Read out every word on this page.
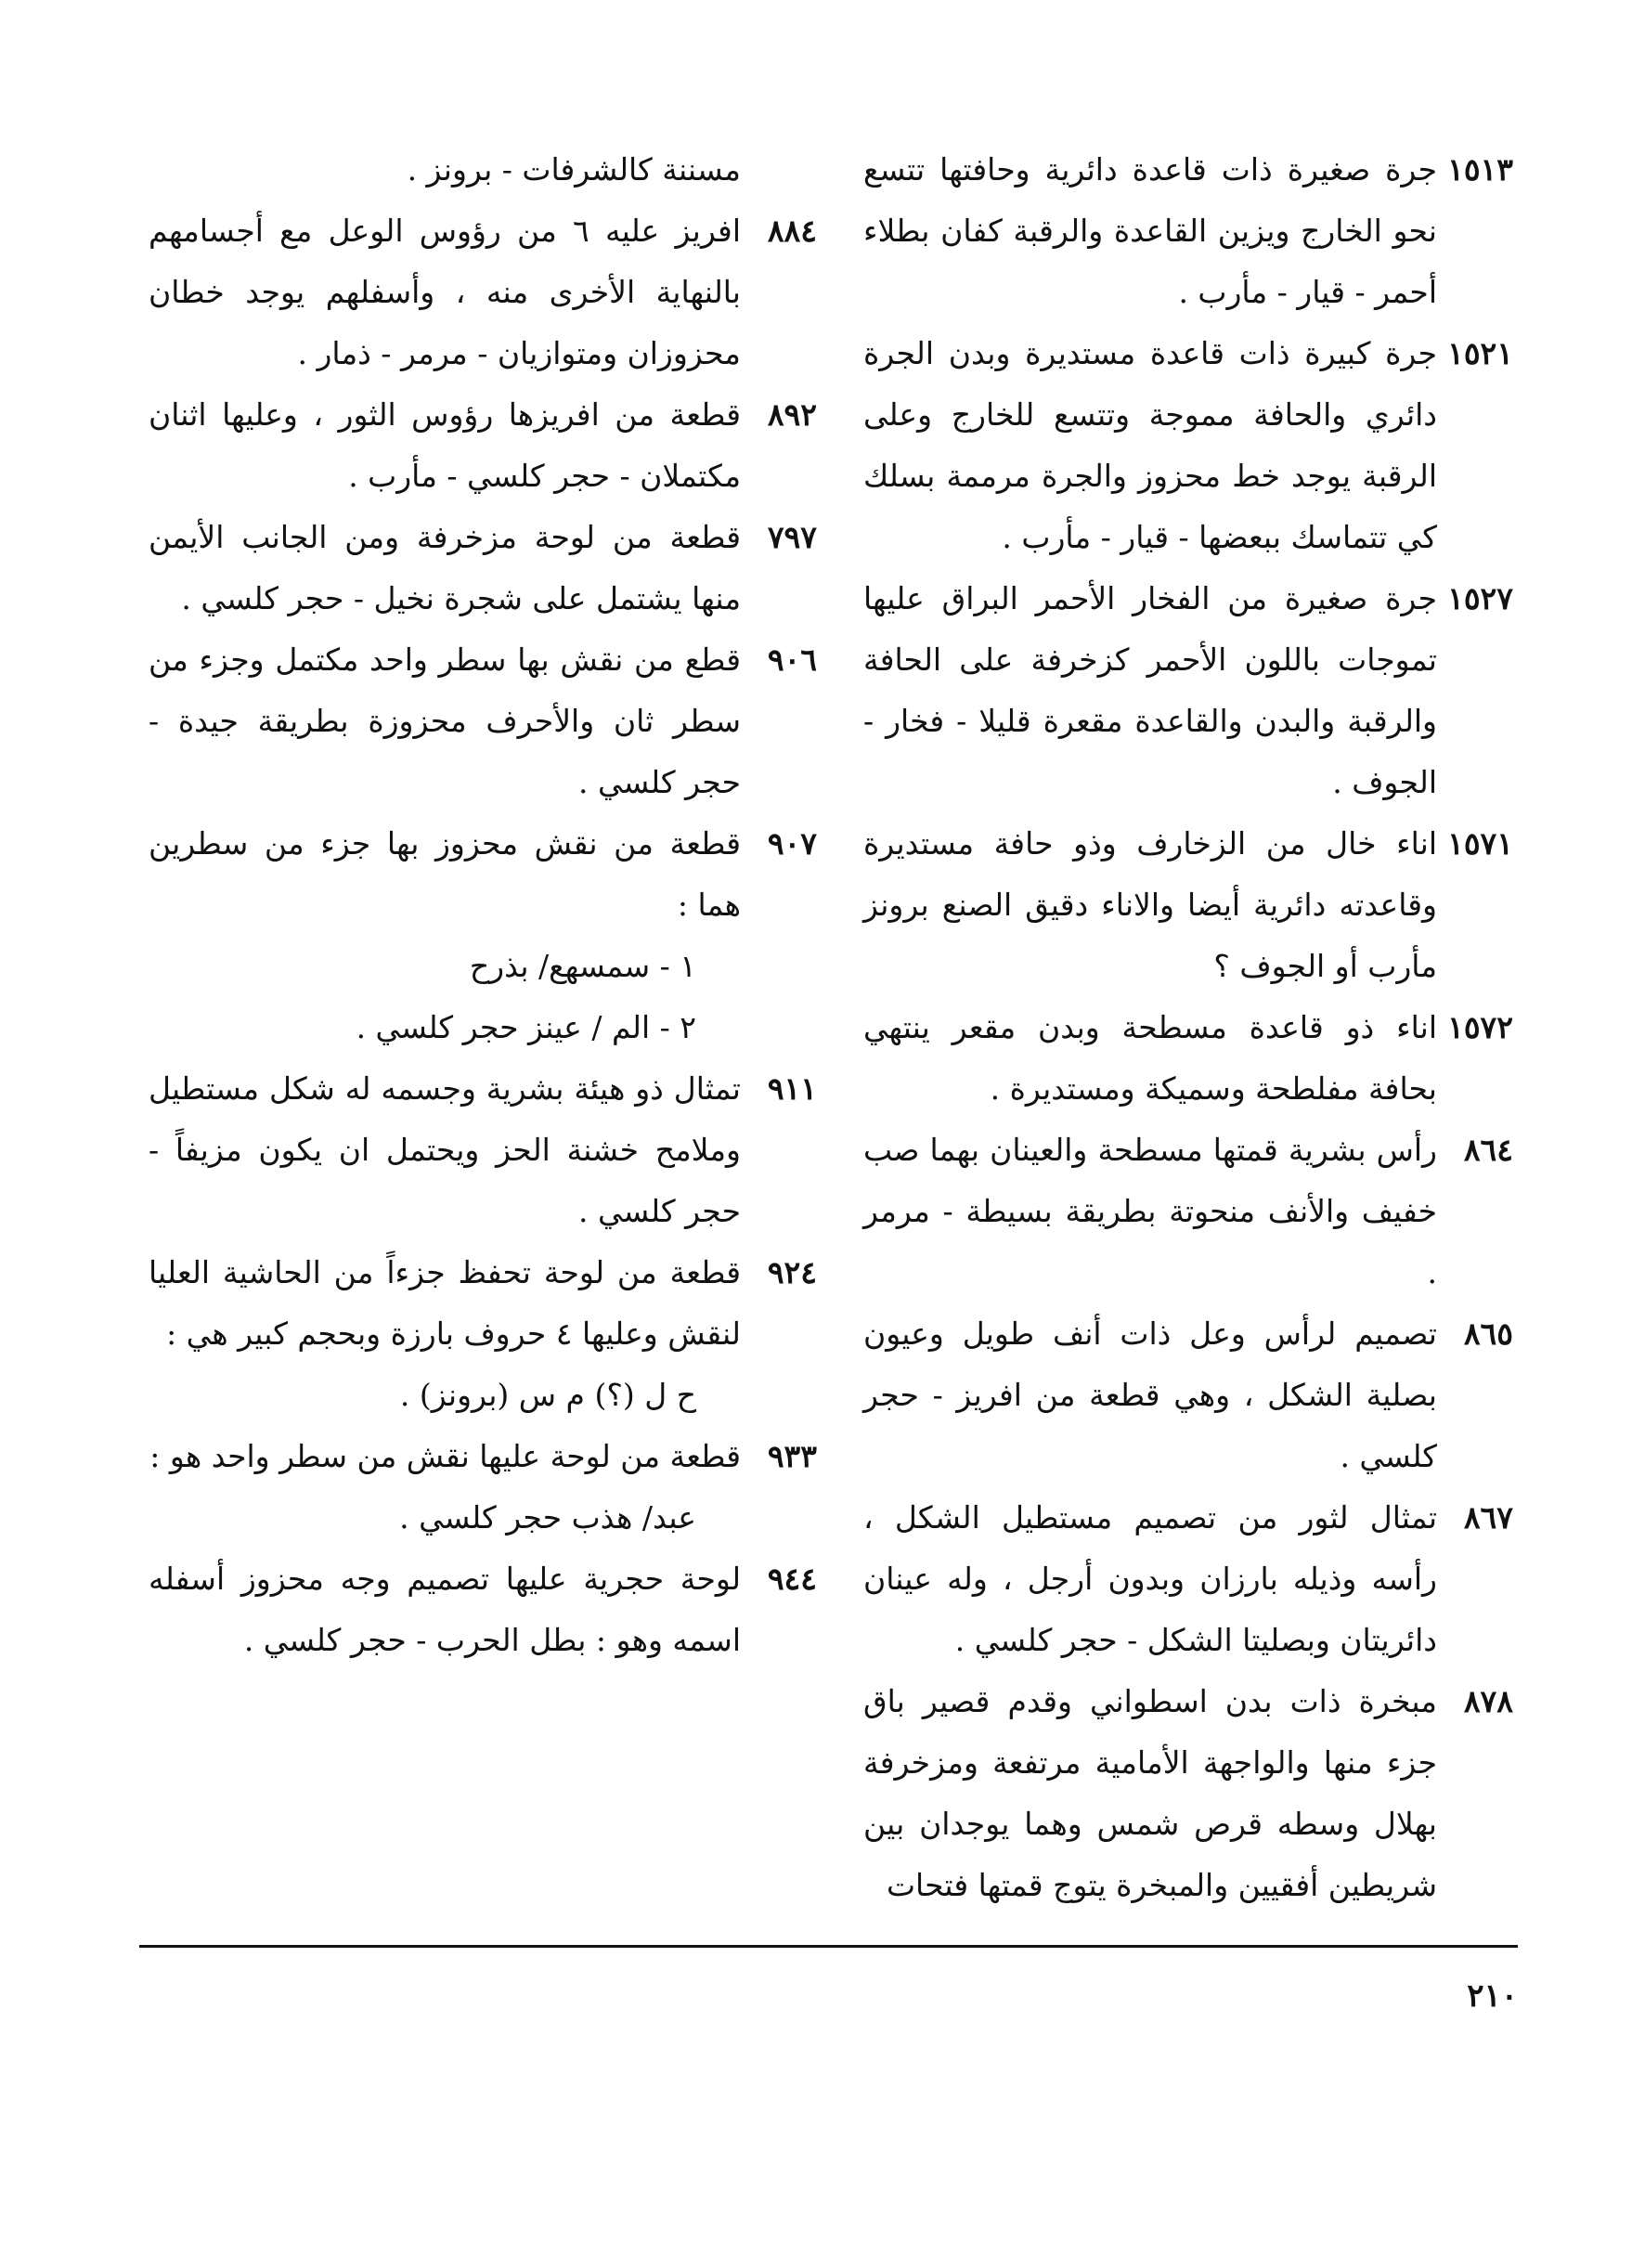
١٥١٣
جرة صغيرة ذات قاعدة دائرية وحافتها تتسع نحو الخارج ويزين القاعدة والرقبة كفان بطلاء أحمر - قيار - مأرب .

١٥٢١
جرة كبيرة ذات قاعدة مستديرة وبدن الجرة دائري والحافة مموجة وتتسع للخارج وعلى الرقبة يوجد خط محزوز والجرة مرممة بسلك كي تتماسك ببعضها - قيار - مأرب .

١٥٢٧
جرة صغيرة من الفخار الأحمر البراق عليها تموجات باللون الأحمر كزخرفة على الحافة والرقبة والبدن والقاعدة مقعرة قليلا - فخار - الجوف .

١٥٧١
اناء خال من الزخارف وذو حافة مستديرة وقاعدته دائرية أيضا والاناء دقيق الصنع برونز مأرب أو الجوف ؟

١٥٧٢
اناء ذو قاعدة مسطحة وبدن مقعر ينتهي بحافة مفلطحة وسميكة ومستديرة .

٨٦٤
رأس بشرية قمتها مسطحة والعينان بهما صب خفيف والأنف منحوتة بطريقة بسيطة - مرمر .

٨٦٥
تصميم لرأس وعل ذات أنف طويل وعيون بصلية الشكل ، وهي قطعة من افريز - حجر كلسي .

٨٦٧
تمثال لثور من تصميم مستطيل الشكل ، رأسه وذيله بارزان وبدون أرجل ، وله عينان دائريتان وبصليتا الشكل - حجر كلسي .

٨٧٨
مبخرة ذات بدن اسطواني وقدم قصير باق جزء منها والواجهة الأمامية مرتفعة ومزخرفة بهلال وسطه قرص شمس وهما يوجدان بين شريطين أفقيين والمبخرة يتوج قمتها فتحات

مسننة كالشرفات - برونز .

٨٨٤
افريز عليه ٦ من رؤوس الوعل مع أجسامهم بالنهاية الأخرى منه ، وأسفلهم يوجد خطان محزوزان ومتوازيان - مرمر - ذمار .

٨٩٢
قطعة من افريزها رؤوس الثور ، وعليها اثنان مكتملان - حجر كلسي - مأرب .

٧٩٧
قطعة من لوحة مزخرفة ومن الجانب الأيمن منها يشتمل على شجرة نخيل - حجر كلسي .

٩٠٦
قطع من نقش بها سطر واحد مكتمل وجزء من سطر ثان والأحرف محزوزة بطريقة جيدة - حجر كلسي .

٩٠٧
قطعة من نقش محزوز بها جزء من سطرين هما :

١ - سمسهع/ بذرح

٢ - الم / عينز حجر كلسي .

٩١١
تمثال ذو هيئة بشرية وجسمه له شكل مستطيل وملامح خشنة الحز ويحتمل ان يكون مزيفاً - حجر كلسي .

٩٢٤
قطعة من لوحة تحفظ جزءاً من الحاشية العليا لنقش وعليها ٤ حروف بارزة وبحجم كبير هي :

ح ل (؟) م س (برونز) .

٩٣٣
قطعة من لوحة عليها نقش من سطر واحد هو :

عبد/ هذب حجر كلسي .

٩٤٤
لوحة حجرية عليها تصميم وجه محزوز أسفله اسمه وهو : بطل الحرب - حجر كلسي .

٢١٠
